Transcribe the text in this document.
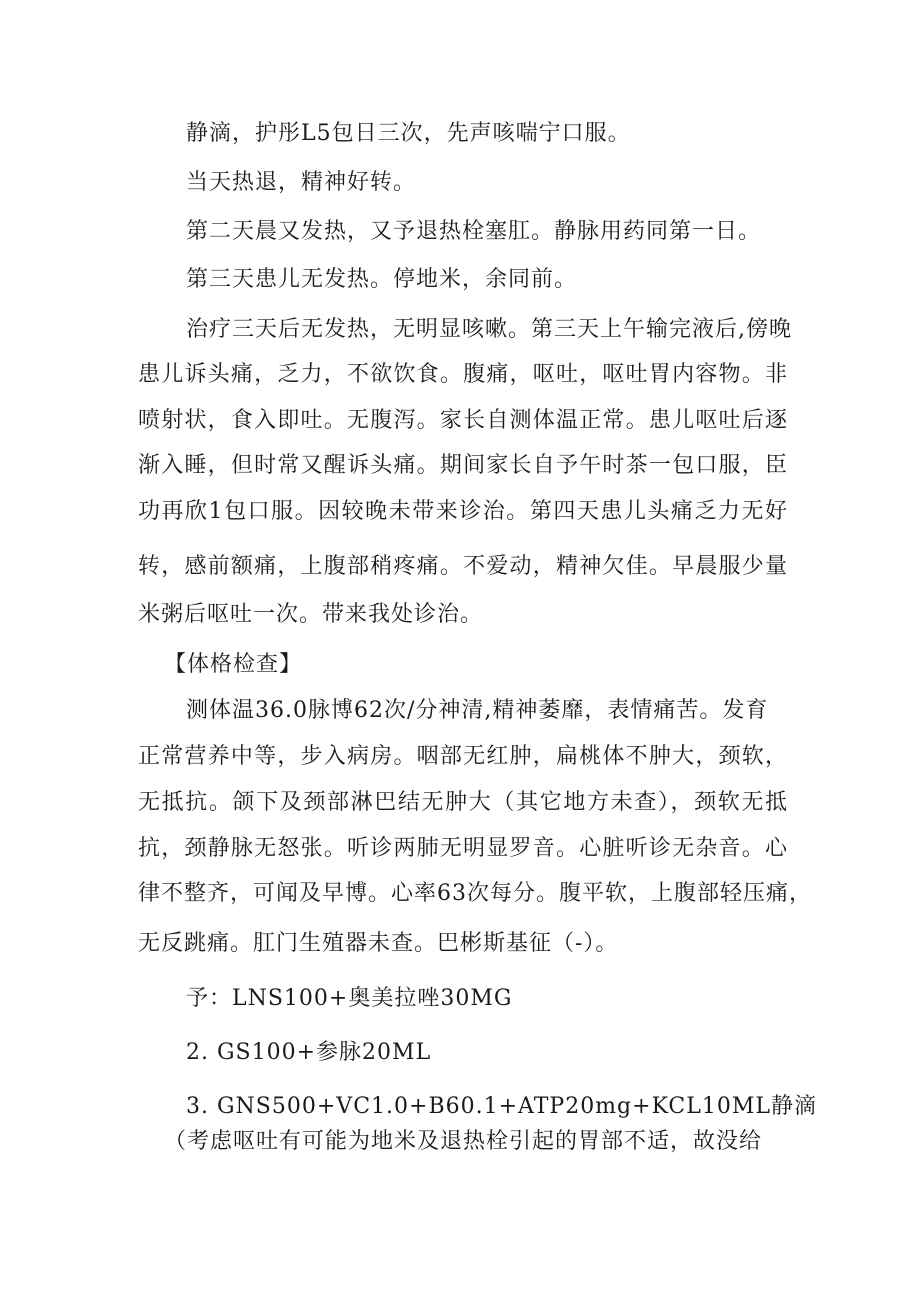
静滴，护彤L5包日三次，先声咳喘宁口服。
当天热退，精神好转。
第二天晨又发热，又予退热栓塞肛。静脉用药同第一日。
第三天患儿无发热。停地米，余同前。
治疗三天后无发热，无明显咳嗽。第三天上午输完液后,傍晚
患儿诉头痛，乏力，不欲饮食。腹痛，呕吐，呕吐胃内容物。非
喷射状，食入即吐。无腹泻。家长自测体温正常。患儿呕吐后逐
渐入睡，但时常又醒诉头痛。期间家长自予午时茶一包口服，臣
功再欣1包口服。因较晚未带来诊治。第四天患儿头痛乏力无好
转，感前额痛，上腹部稍疼痛。不爱动，精神欠佳。早晨服少量
米粥后呕吐一次。带来我处诊治。
【体格检查】
测体温36.0脉博62次/分神清,精神萎靡，表情痛苦。发育
正常营养中等，步入病房。咽部无红肿，扁桃体不肿大，颈软，
无抵抗。颌下及颈部淋巴结无肿大（其它地方未查），颈软无抵
抗，颈静脉无怒张。听诊两肺无明显罗音。心脏听诊无杂音。心
律不整齐，可闻及早博。心率63次每分。腹平软，上腹部轻压痛，
无反跳痛。肛门生殖器未查。巴彬斯基征（-）。
予：LNS100+奥美拉唑30MG
2. GS100+参脉20ML
3. GNS500+VC1.0+B60.1+ATP20mg+KCL10ML静滴
（考虑呕吐有可能为地米及退热栓引起的胃部不适，故没给
